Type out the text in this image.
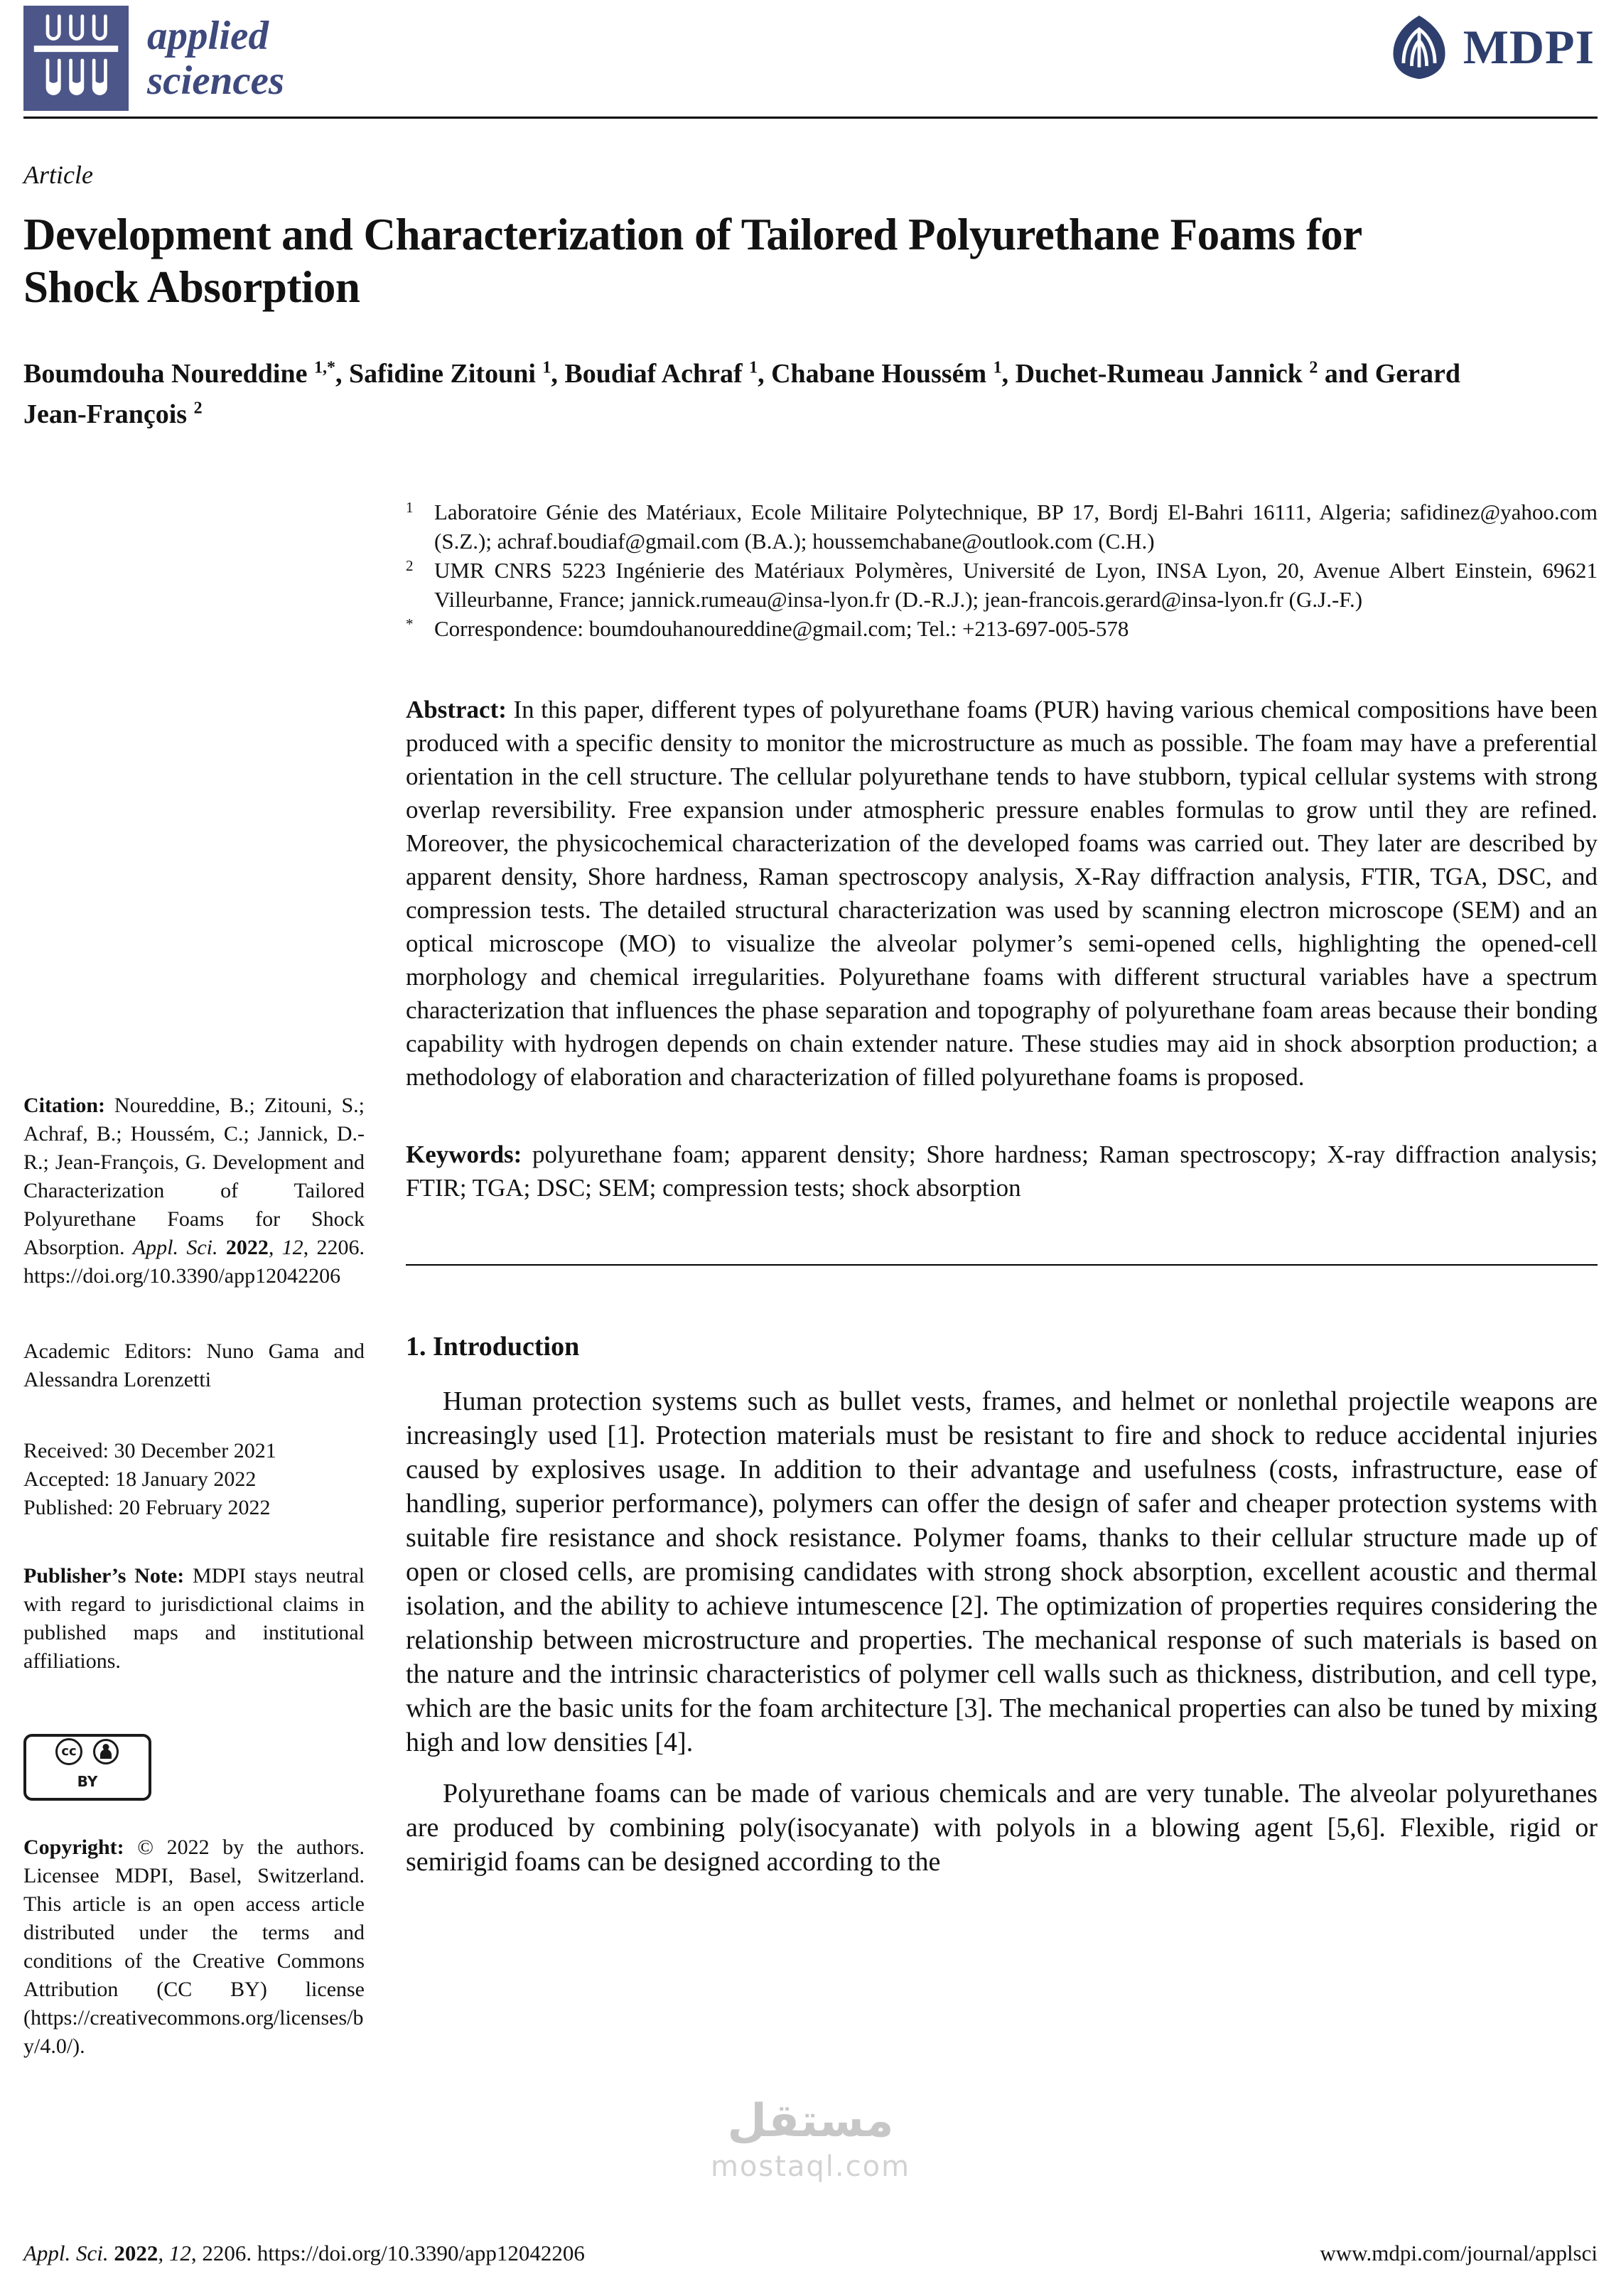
applied
sciences
MDPI
Article
Development and Characterization of Tailored Polyurethane Foams for Shock Absorption

Boumdouha Noureddine $^{1,*}$, Safidine Zitouni $^1$, Boudiaf Achraf $^1$, Chabane Houssém $^1$, Duchet-Rumeau Jannick $^2$ and Gerard Jean-François $^2$

Citation: Noureddine, B.; Zitouni, S.; Achraf, B.; Houssém, C.; Jannick, D.-R.; Jean-François, G. Development and Characterization of Tailored Polyurethane Foams for Shock Absorption. Appl. Sci. 2022, 12, 2206. https://doi.org/10.3390/app12042206
Academic Editors: Nuno Gama and Alessandra Lorenzetti
Received: 30 December 2021
Accepted: 18 January 2022
Published: 20 February 2022
Publisher’s Note: MDPI stays neutral with regard to jurisdictional claims in published maps and institutional affiliations.
cc
BY
Copyright: © 2022 by the authors. Licensee MDPI, Basel, Switzerland. This article is an open access article distributed under the terms and conditions of the Creative Commons Attribution (CC BY) license (https://creativecommons.org/licenses/by/4.0/).
1 Laboratoire Génie des Matériaux, Ecole Militaire Polytechnique, BP 17, Bordj El-Bahri 16111, Algeria; safidinez@yahoo.com (S.Z.); achraf.boudiaf@gmail.com (B.A.); houssemchabane@outlook.com (C.H.)
2 UMR CNRS 5223 Ingénierie des Matériaux Polymères, Université de Lyon, INSA Lyon, 20, Avenue Albert Einstein, 69621 Villeurbanne, France; jannick.rumeau@insa-lyon.fr (D.-R.J.); jean-francois.gerard@insa-lyon.fr (G.J.-F.)
* Correspondence: boumdouhanoureddine@gmail.com; Tel.: +213-697-005-578

Abstract: In this paper, different types of polyurethane foams (PUR) having various chemical compositions have been produced with a specific density to monitor the microstructure as much as possible. The foam may have a preferential orientation in the cell structure. The cellular polyurethane tends to have stubborn, typical cellular systems with strong overlap reversibility. Free expansion under atmospheric pressure enables formulas to grow until they are refined. Moreover, the physicochemical characterization of the developed foams was carried out. They later are described by apparent density, Shore hardness, Raman spectroscopy analysis, X-Ray diffraction analysis, FTIR, TGA, DSC, and compression tests. The detailed structural characterization was used by scanning electron microscope (SEM) and an optical microscope (MO) to visualize the alveolar polymer’s semi-opened cells, highlighting the opened-cell morphology and chemical irregularities. Polyurethane foams with different structural variables have a spectrum characterization that influences the phase separation and topography of polyurethane foam areas because their bonding capability with hydrogen depends on chain extender nature. These studies may aid in shock absorption production; a methodology of elaboration and characterization of filled polyurethane foams is proposed.

Keywords: polyurethane foam; apparent density; Shore hardness; Raman spectroscopy; X-ray diffraction analysis; FTIR; TGA; DSC; SEM; compression tests; shock absorption

1. Introduction

Human protection systems such as bullet vests, frames, and helmet or nonlethal projectile weapons are increasingly used [1]. Protection materials must be resistant to fire and shock to reduce accidental injuries caused by explosives usage. In addition to their advantage and usefulness (costs, infrastructure, ease of handling, superior performance), polymers can offer the design of safer and cheaper protection systems with suitable fire resistance and shock resistance. Polymer foams, thanks to their cellular structure made up of open or closed cells, are promising candidates with strong shock absorption, excellent acoustic and thermal isolation, and the ability to achieve intumescence [2]. The optimization of properties requires considering the relationship between microstructure and properties. The mechanical response of such materials is based on the nature and the intrinsic characteristics of polymer cell walls such as thickness, distribution, and cell type, which are the basic units for the foam architecture [3]. The mechanical properties can also be tuned by mixing high and low densities [4].

Polyurethane foams can be made of various chemicals and are very tunable. The alveolar polyurethanes are produced by combining poly(isocyanate) with polyols in a blowing agent [5,6]. Flexible, rigid or semirigid foams can be designed according to the

مستقل
mostaql.com
Appl. Sci. 2022, 12, 2206. https://doi.org/10.3390/app12042206	www.mdpi.com/journal/applsci
